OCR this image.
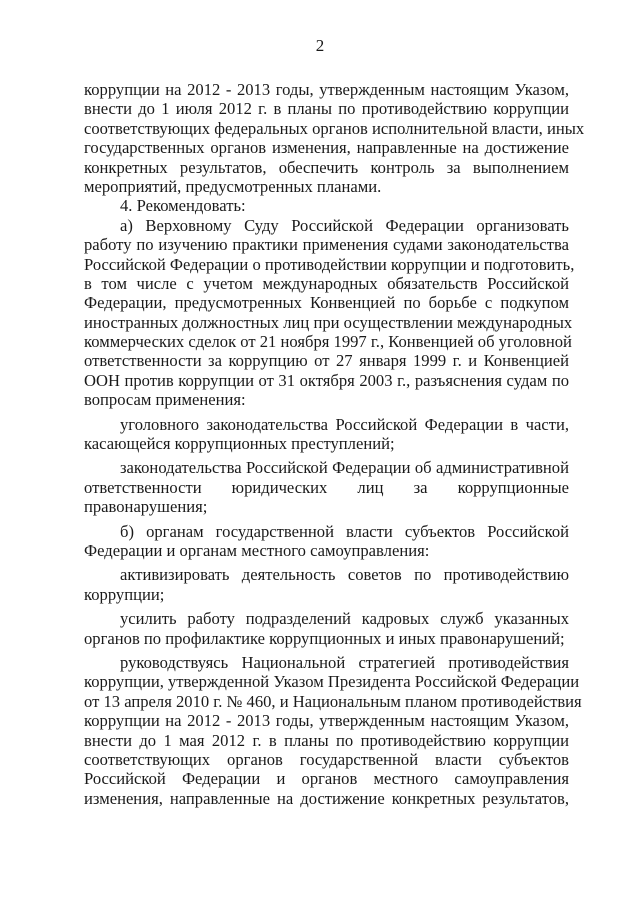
2
коррупции на 2012 - 2013 годы, утвержденным настоящим Указом,
внести до 1 июля 2012 г. в планы по противодействию коррупции
соответствующих федеральных органов исполнительной власти, иных
государственных органов изменения, направленные на достижение
конкретных результатов, обеспечить контроль за выполнением
мероприятий, предусмотренных планами.
4. Рекомендовать:
а) Верховному Суду Российской Федерации организовать
работу по изучению практики применения судами законодательства
Российской Федерации о противодействии коррупции и подготовить,
в том числе с учетом международных обязательств Российской
Федерации, предусмотренных Конвенцией по борьбе с подкупом
иностранных должностных лиц при осуществлении международных
коммерческих сделок от 21 ноября 1997 г., Конвенцией об уголовной
ответственности за коррупцию от 27 января 1999 г. и Конвенцией
ООН против коррупции от 31 октября 2003 г., разъяснения судам по
вопросам применения:
уголовного законодательства Российской Федерации в части,
касающейся коррупционных преступлений;
законодательства Российской Федерации об административной
ответственности юридических лиц за коррупционные
правонарушения;
б) органам государственной власти субъектов Российской
Федерации и органам местного самоуправления:
активизировать деятельность советов по противодействию
коррупции;
усилить работу подразделений кадровых служб указанных
органов по профилактике коррупционных и иных правонарушений;
руководствуясь Национальной стратегией противодействия
коррупции, утвержденной Указом Президента Российской Федерации
от 13 апреля 2010 г. № 460, и Национальным планом противодействия
коррупции на 2012 - 2013 годы, утвержденным настоящим Указом,
внести до 1 мая 2012 г. в планы по противодействию коррупции
соответствующих органов государственной власти субъектов
Российской Федерации и органов местного самоуправления
изменения, направленные на достижение конкретных результатов,
